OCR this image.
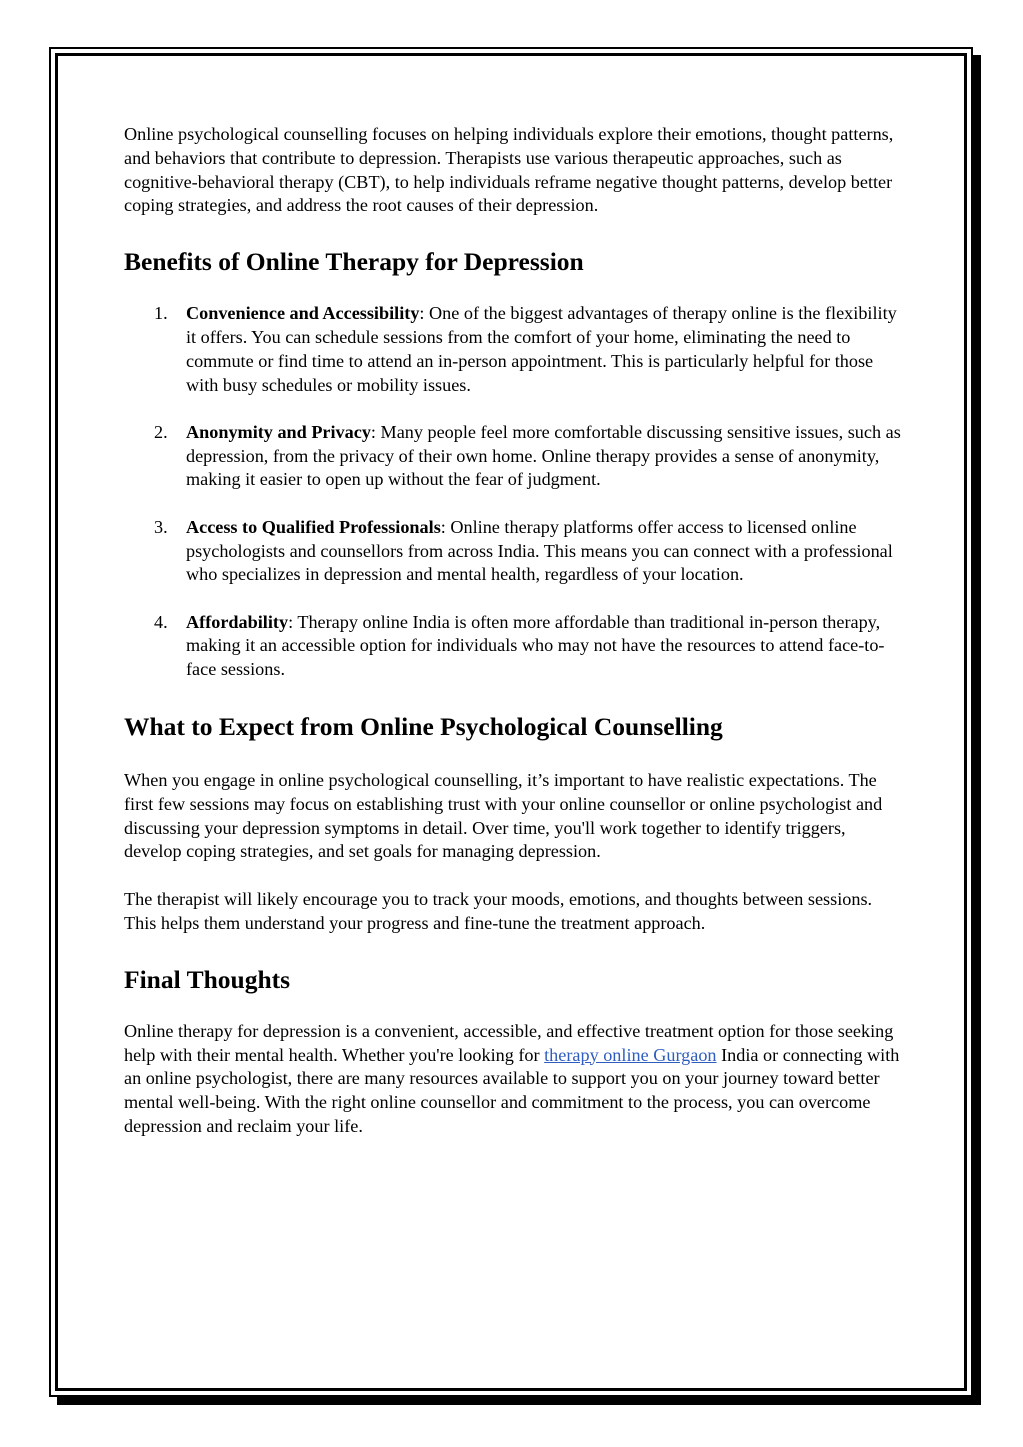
Online psychological counselling focuses on helping individuals explore their emotions, thought patterns, and behaviors that contribute to depression. Therapists use various therapeutic approaches, such as cognitive-behavioral therapy (CBT), to help individuals reframe negative thought patterns, develop better coping strategies, and address the root causes of their depression.

Benefits of Online Therapy for Depression
1. Convenience and Accessibility: One of the biggest advantages of therapy online is the flexibility it offers. You can schedule sessions from the comfort of your home, eliminating the need to commute or find time to attend an in-person appointment. This is particularly helpful for those with busy schedules or mobility issues.
2. Anonymity and Privacy: Many people feel more comfortable discussing sensitive issues, such as depression, from the privacy of their own home. Online therapy provides a sense of anonymity, making it easier to open up without the fear of judgment.
3. Access to Qualified Professionals: Online therapy platforms offer access to licensed online psychologists and counsellors from across India. This means you can connect with a professional who specializes in depression and mental health, regardless of your location.
4. Affordability: Therapy online India is often more affordable than traditional in-person therapy, making it an accessible option for individuals who may not have the resources to attend face-to-face sessions.
What to Expect from Online Psychological Counselling

When you engage in online psychological counselling, it’s important to have realistic expectations. The first few sessions may focus on establishing trust with your online counsellor or online psychologist and discussing your depression symptoms in detail. Over time, you'll work together to identify triggers, develop coping strategies, and set goals for managing depression.

The therapist will likely encourage you to track your moods, emotions, and thoughts between sessions. This helps them understand your progress and fine-tune the treatment approach.

Final Thoughts

Online therapy for depression is a convenient, accessible, and effective treatment option for those seeking help with their mental health. Whether you're looking for therapy online Gurgaon India or connecting with an online psychologist, there are many resources available to support you on your journey toward better mental well-being. With the right online counsellor and commitment to the process, you can overcome depression and reclaim your life.
